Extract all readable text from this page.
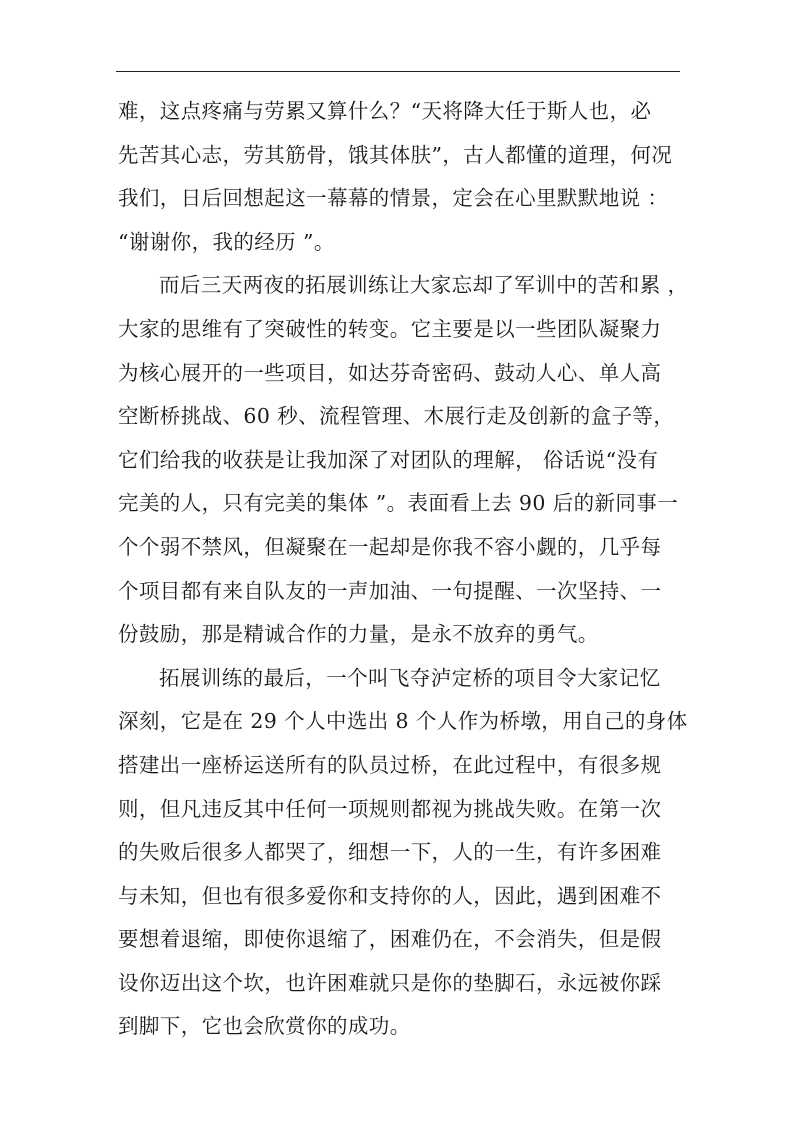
难，这点疼痛与劳累又算什么？“天将降大任于斯人也，必
先苦其心志，劳其筋骨，饿其体肤”，古人都懂的道理，何况
我们，日后回想起这一幕幕的情景，定会在心里默默地说 ：
“谢谢你，我的经历 ”。
而后三天两夜的拓展训练让大家忘却了军训中的苦和累 ，
大家的思维有了突破性的转变。它主要是以一些团队凝聚力
为核心展开的一些项目，如达芬奇密码、鼓动人心、单人高
空断桥挑战、60 秒、流程管理、木展行走及创新的盒子等，
它们给我的收获是让我加深了对团队的理解， 俗话说“没有
完美的人，只有完美的集体 ”。表面看上去 90 后的新同事一
个个弱不禁风，但凝聚在一起却是你我不容小觑的，几乎每
个项目都有来自队友的一声加油、一句提醒、一次坚持、一
份鼓励，那是精诚合作的力量，是永不放弃的勇气。
拓展训练的最后，一个叫飞夺泸定桥的项目令大家记忆
深刻，它是在 29 个人中选出 8 个人作为桥墩，用自己的身体
搭建出一座桥运送所有的队员过桥，在此过程中，有很多规
则，但凡违反其中任何一项规则都视为挑战失败。在第一次
的失败后很多人都哭了，细想一下，人的一生，有许多困难
与未知，但也有很多爱你和支持你的人，因此，遇到困难不
要想着退缩，即使你退缩了，困难仍在，不会消失，但是假
设你迈出这个坎，也许困难就只是你的垫脚石，永远被你踩
到脚下，它也会欣赏你的成功。
